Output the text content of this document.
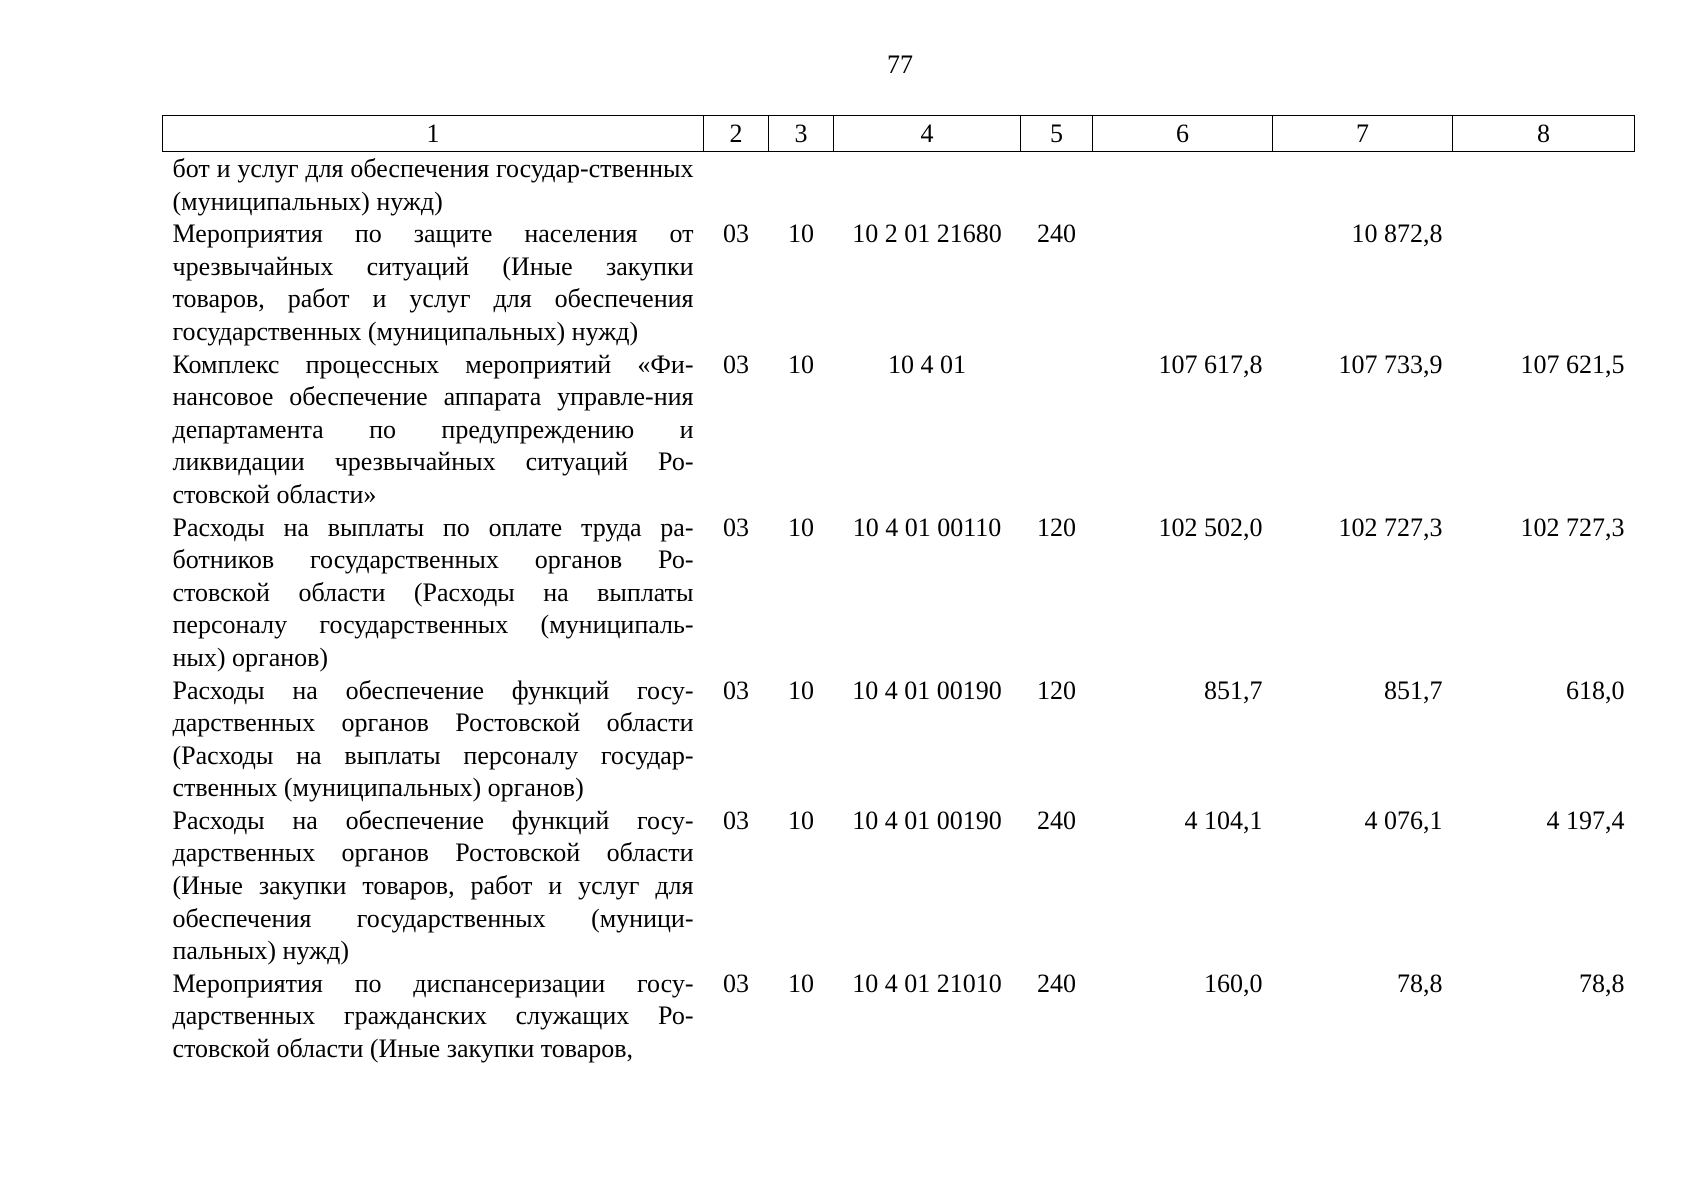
77
1	2	3	4	5	6	7	8
бот и услуг для обеспечения государ-ственных (муниципальных) нужд)							
Мероприятия по защите населения от чрезвычайных ситуаций (Иные закупки товаров, работ и услуг для обеспечения государственных (муниципальных) нужд)	03	10	10 2 01 21680	240		10 872,8	
Комплекс процессных мероприятий «Фи-нансовое обеспечение аппарата управле-ния департамента по предупреждению и ликвидации чрезвычайных ситуаций Ро-стовской области»	03	10	10 4 01		107 617,8	107 733,9	107 621,5
Расходы на выплаты по оплате труда ра-ботников государственных органов Ро-стовской области (Расходы на выплаты персоналу государственных (муниципаль-ных) органов)	03	10	10 4 01 00110	120	102 502,0	102 727,3	102 727,3
Расходы на обеспечение функций госу-дарственных органов Ростовской области (Расходы на выплаты персоналу государ-ственных (муниципальных) органов)	03	10	10 4 01 00190	120	851,7	851,7	618,0
Расходы на обеспечение функций госу-дарственных органов Ростовской области (Иные закупки товаров, работ и услуг для обеспечения государственных (муници-пальных) нужд)	03	10	10 4 01 00190	240	4 104,1	4 076,1	4 197,4
Мероприятия по диспансеризации госу-дарственных гражданских служащих Ро-стовской области (Иные закупки товаров,	03	10	10 4 01 21010	240	160,0	78,8	78,8
